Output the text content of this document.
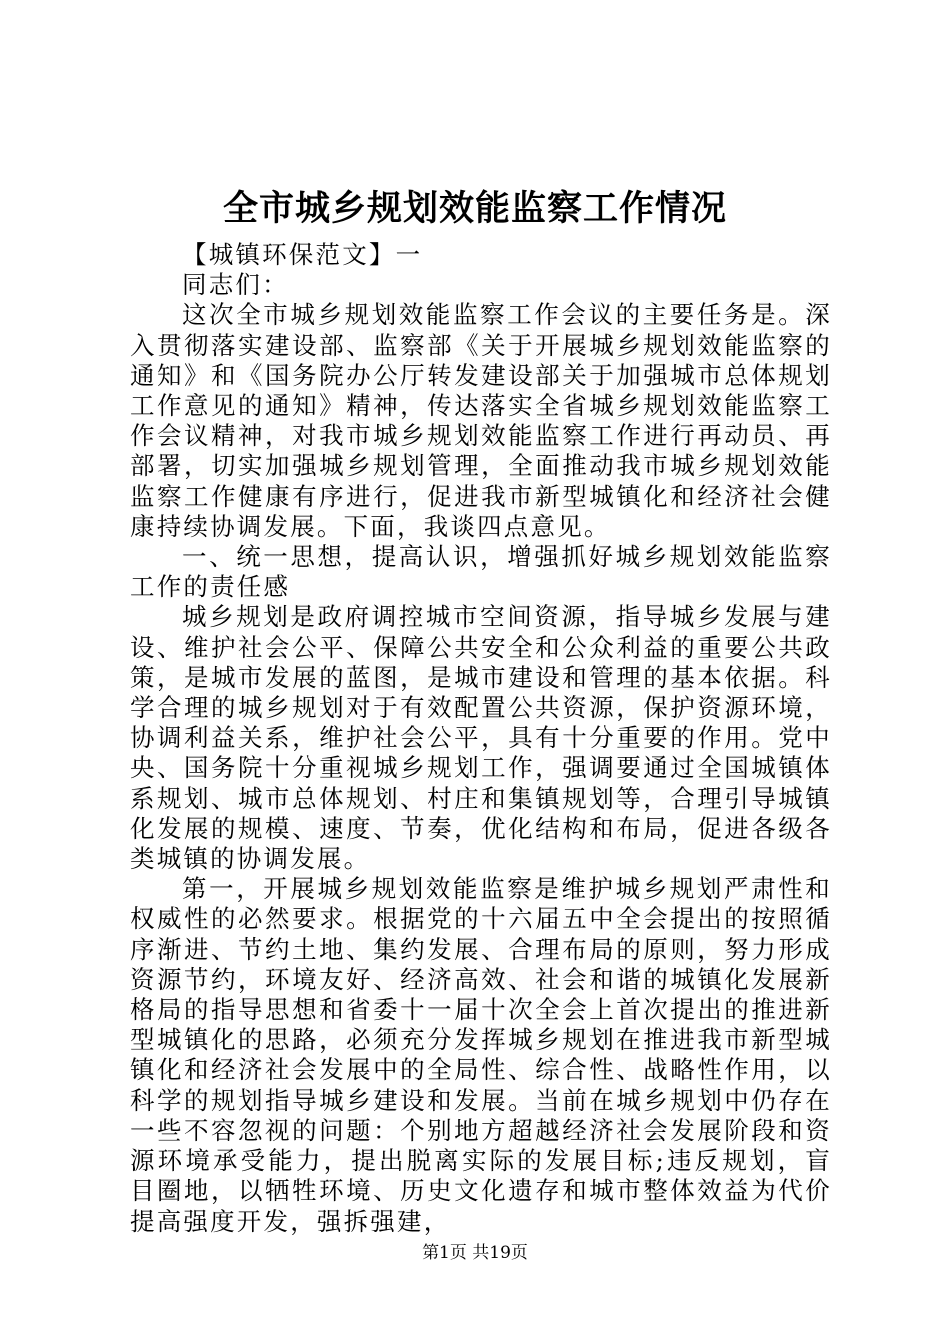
全市城乡规划效能监察工作情况

【城镇环保范文】一

同志们：

这次全市城乡规划效能监察工作会议的主要任务是。深入贯彻落实建设部、监察部《关于开展城乡规划效能监察的通知》和《国务院办公厅转发建设部关于加强城市总体规划工作意见的通知》精神，传达落实全省城乡规划效能监察工作会议精神，对我市城乡规划效能监察工作进行再动员、再部署，切实加强城乡规划管理，全面推动我市城乡规划效能监察工作健康有序进行，促进我市新型城镇化和经济社会健康持续协调发展。下面，我谈四点意见。

一、统一思想，提高认识，增强抓好城乡规划效能监察工作的责任感

城乡规划是政府调控城市空间资源，指导城乡发展与建设、维护社会公平、保障公共安全和公众利益的重要公共政策，是城市发展的蓝图，是城市建设和管理的基本依据。科学合理的城乡规划对于有效配置公共资源，保护资源环境，协调利益关系，维护社会公平，具有十分重要的作用。党中央、国务院十分重视城乡规划工作，强调要通过全国城镇体系规划、城市总体规划、村庄和集镇规划等，合理引导城镇化发展的规模、速度、节奏，优化结构和布局，促进各级各类城镇的协调发展。

第一，开展城乡规划效能监察是维护城乡规划严肃性和权威性的必然要求。根据党的十六届五中全会提出的按照循序渐进、节约土地、集约发展、合理布局的原则，努力形成资源节约，环境友好、经济高效、社会和谐的城镇化发展新格局的指导思想和省委十一届十次全会上首次提出的推进新型城镇化的思路，必须充分发挥城乡规划在推进我市新型城镇化和经济社会发展中的全局性、综合性、战略性作用，以科学的规划指导城乡建设和发展。当前在城乡规划中仍存在一些不容忽视的问题：个别地方超越经济社会发展阶段和资源环境承受能力，提出脱离实际的发展目标;违反规划，盲目圈地，以牺牲环境、历史文化遗存和城市整体效益为代价提高强度开发，强拆强建，

第1页 共19页
